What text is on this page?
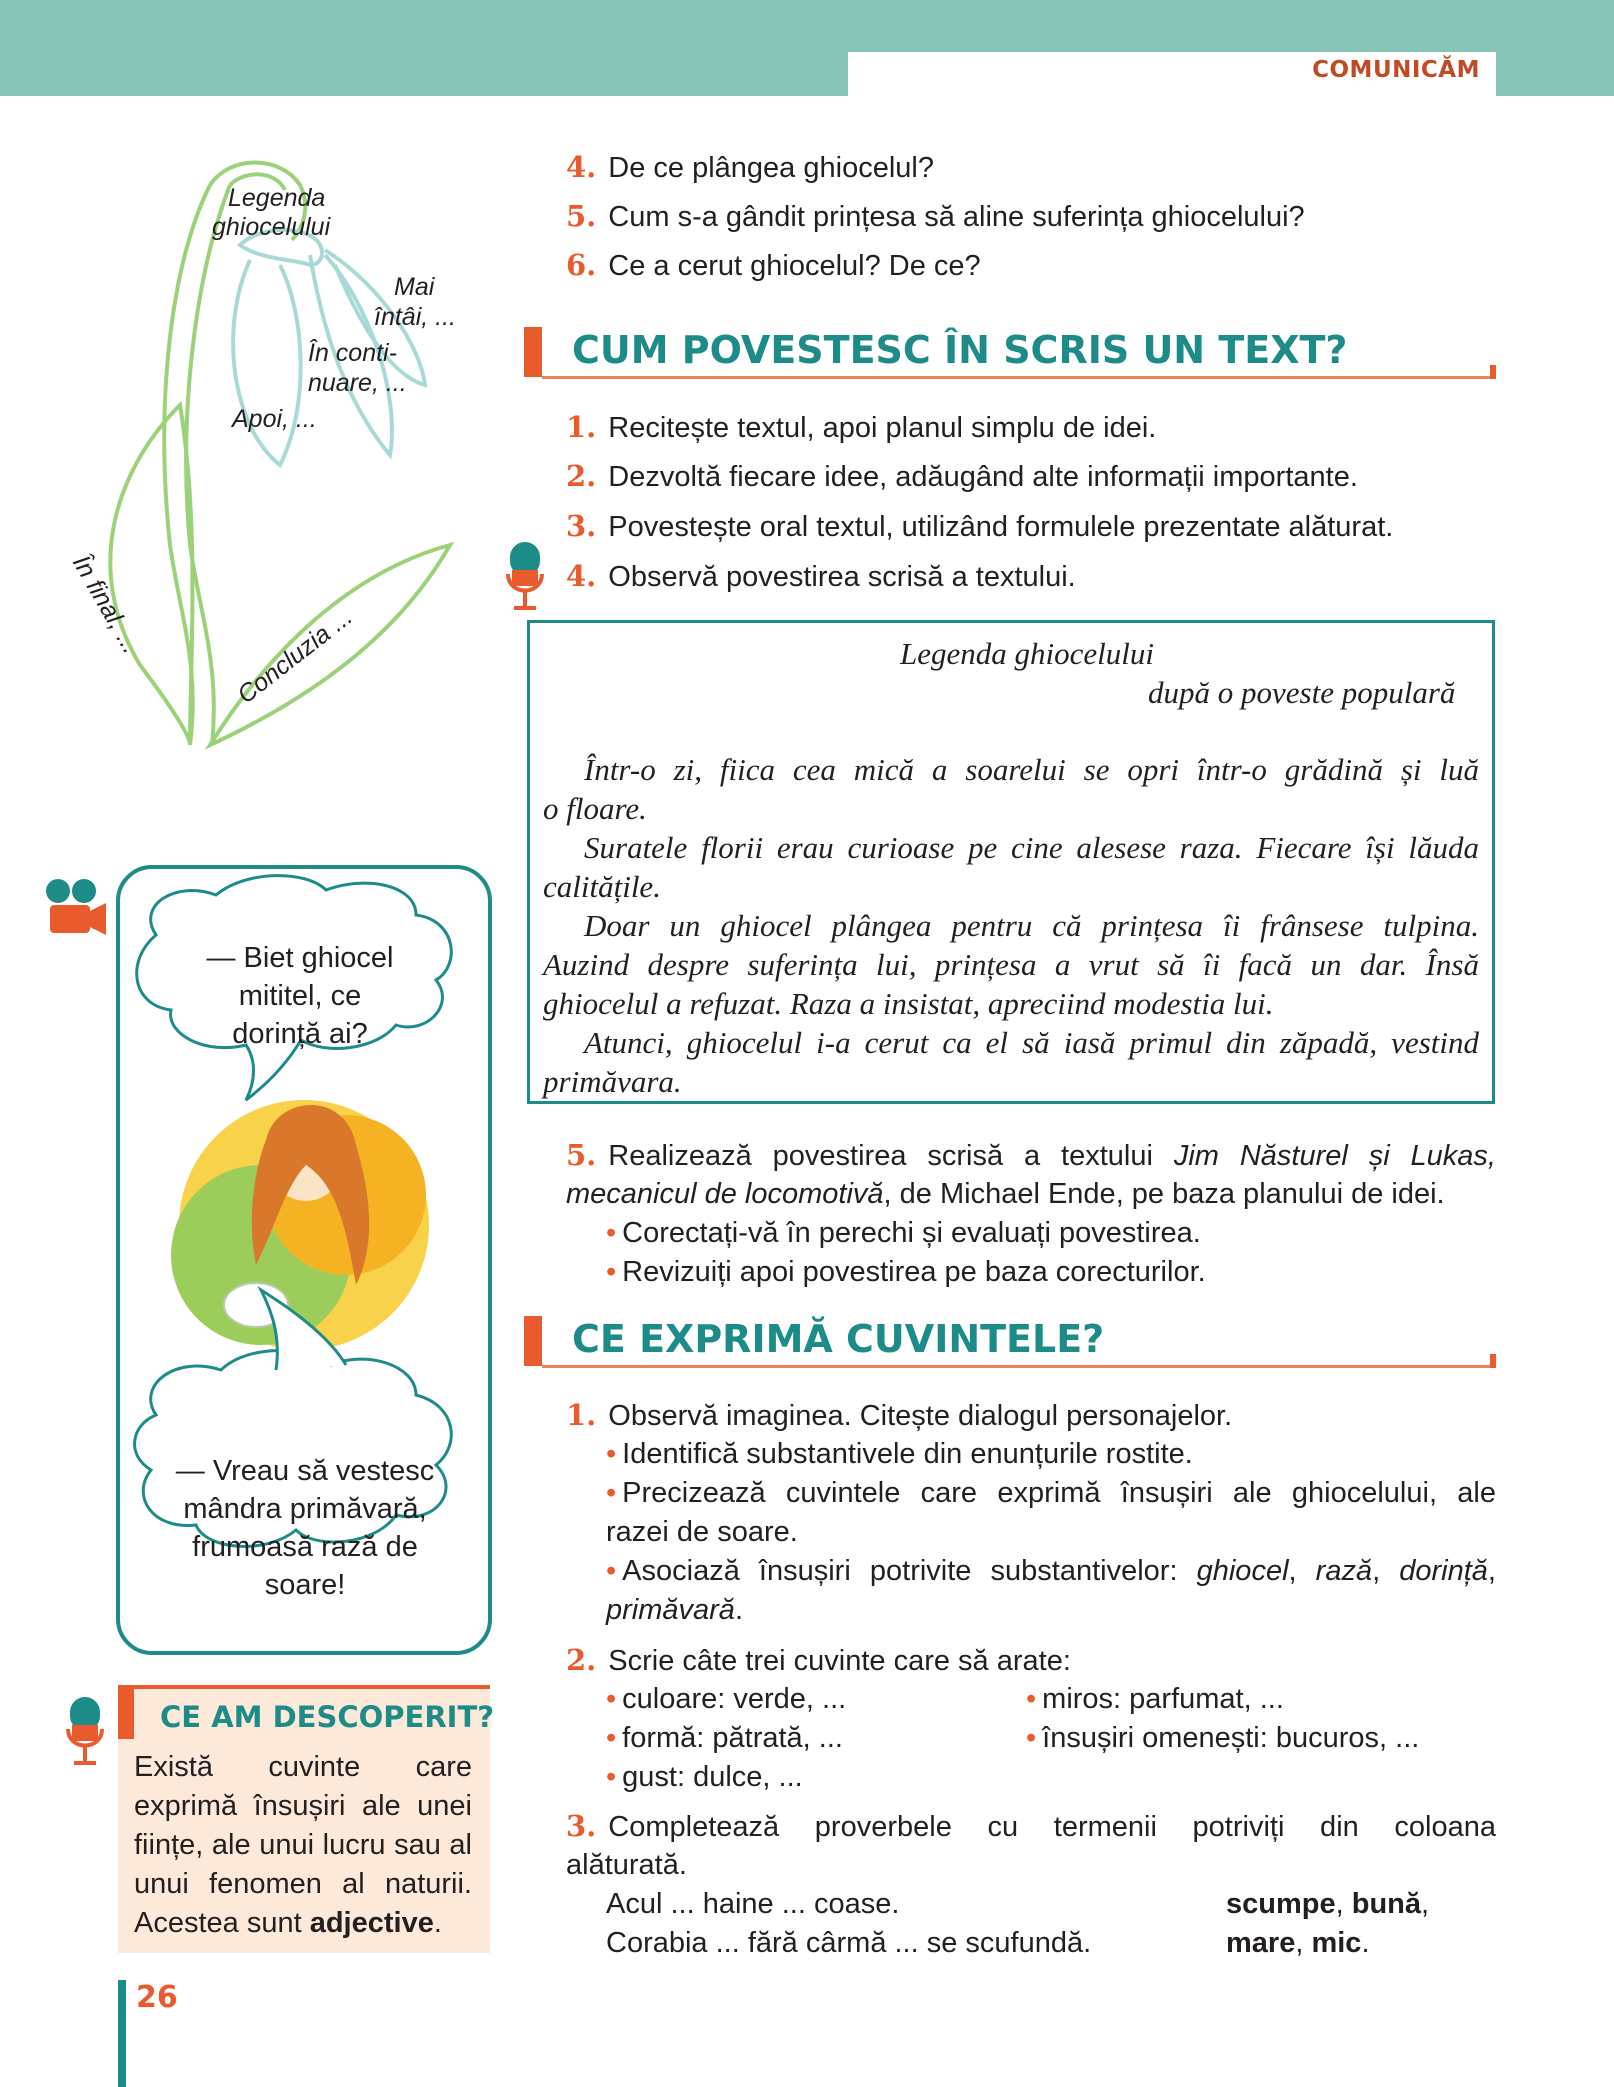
COMUNICĂM
Legenda
ghiocelului
Mai
întâi, ...
În conti-
nuare, ...
Apoi, ...
În final, ...	Concluzia ...
— Biet ghiocel
mititel, ce
dorință ai?
— Vreau să vestesc
mândra primăvară,
frumoasă rază de
soare!
CE AM DESCOPERIT?
Există cuvinte care exprimă însușiri ale unei ființe, ale unui lucru sau al unui fenomen al naturii. Acestea sunt adjective.
26
4. De ce plângea ghiocelul?
5. Cum s-a gândit prințesa să aline suferința ghiocelului?
6. Ce a cerut ghiocelul? De ce?
CUM POVESTESC ÎN SCRIS UN TEXT?
1. Recitește textul, apoi planul simplu de idei.
2. Dezvoltă fiecare idee, adăugând alte informații importante.
3. Povestește oral textul, utilizând formulele prezentate alăturat.
4. Observă povestirea scrisă a textului.
Legenda ghiocelului
după o poveste populară
Într-o zi, fiica cea mică a soarelui se opri într-o grădină și luă
o floare.
Suratele florii erau curioase pe cine alesese raza. Fiecare își lăuda
calitățile.
Doar un ghiocel plângea pentru că prințesa îi frânsese tulpina.
Auzind despre suferința lui, prințesa a vrut să îi facă un dar. Însă
ghiocelul a refuzat. Raza a insistat, apreciind modestia lui.
Atunci, ghiocelul i-a cerut ca el să iasă primul din zăpadă, vestind
primăvara.
5. Realizează povestirea scrisă a textului Jim Năsturel și Lukas, mecanicul de locomotivă, de Michael Ende, pe baza planului de idei.
• Corectați-vă în perechi și evaluați povestirea.
• Revizuiți apoi povestirea pe baza corecturilor.
CE EXPRIMĂ CUVINTELE?
1. Observă imaginea. Citește dialogul personajelor.
• Identifică substantivele din enunțurile rostite.
• Precizează cuvintele care exprimă însușiri ale ghiocelului, ale
razei de soare.
• Asociază însușiri potrivite substantivelor: ghiocel, rază, dorință,
primăvară.
2. Scrie câte trei cuvinte care să arate:
• culoare: verde, ...
• formă: pătrată, ...
• gust: dulce, ...
• miros: parfumat, ...
• însușiri omenești: bucuros, ...
3. Completează proverbele cu termenii potriviți din coloana
alăturată.
Acul ... haine ... coase.
Corabia ... fără cârmă ... se scufundă.
scumpe, bună,
mare, mic.
